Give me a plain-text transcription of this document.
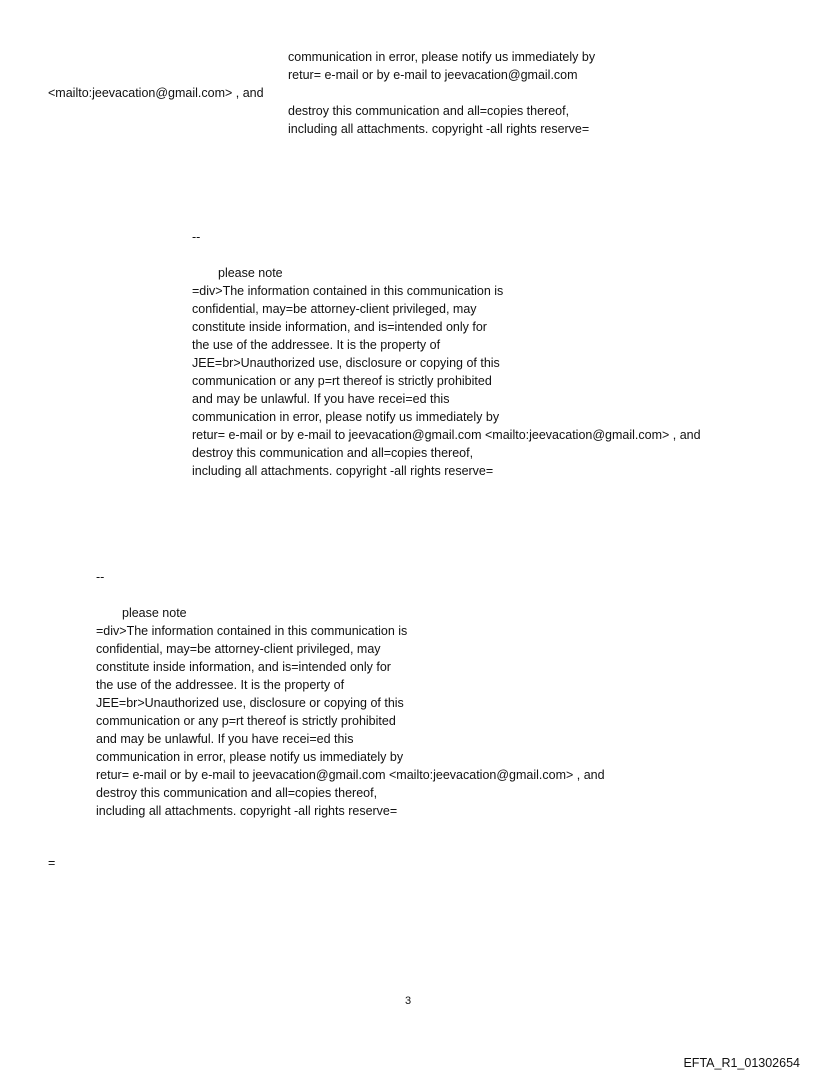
communication in error, please notify us immediately by
retur= e-mail or by e-mail to jeevacation@gmail.com
<mailto:jeevacation@gmail.com> , and
destroy this communication and all=copies thereof,
including all attachments. copyright -all rights reserve=
--
please note
=div>The information contained in this communication is
confidential, may=be attorney-client privileged, may
constitute inside information, and is=intended only for
the use of the addressee. It is the property of
JEE=br>Unauthorized use, disclosure or copying of this
communication or any p=rt thereof is strictly prohibited
and may be unlawful. If you have recei=ed this
communication in error, please notify us immediately by
retur= e-mail or by e-mail to jeevacation@gmail.com <mailto:jeevacation@gmail.com> , and
destroy this communication and all=copies thereof,
including all attachments. copyright -all rights reserve=
--
please note
=div>The information contained in this communication is
confidential, may=be attorney-client privileged, may
constitute inside information, and is=intended only for
the use of the addressee. It is the property of
JEE=br>Unauthorized use, disclosure or copying of this
communication or any p=rt thereof is strictly prohibited
and may be unlawful. If you have recei=ed this
communication in error, please notify us immediately by
retur= e-mail or by e-mail to jeevacation@gmail.com <mailto:jeevacation@gmail.com> , and
destroy this communication and all=copies thereof,
including all attachments. copyright -all rights reserve=
=
3
EFTA_R1_01302654
